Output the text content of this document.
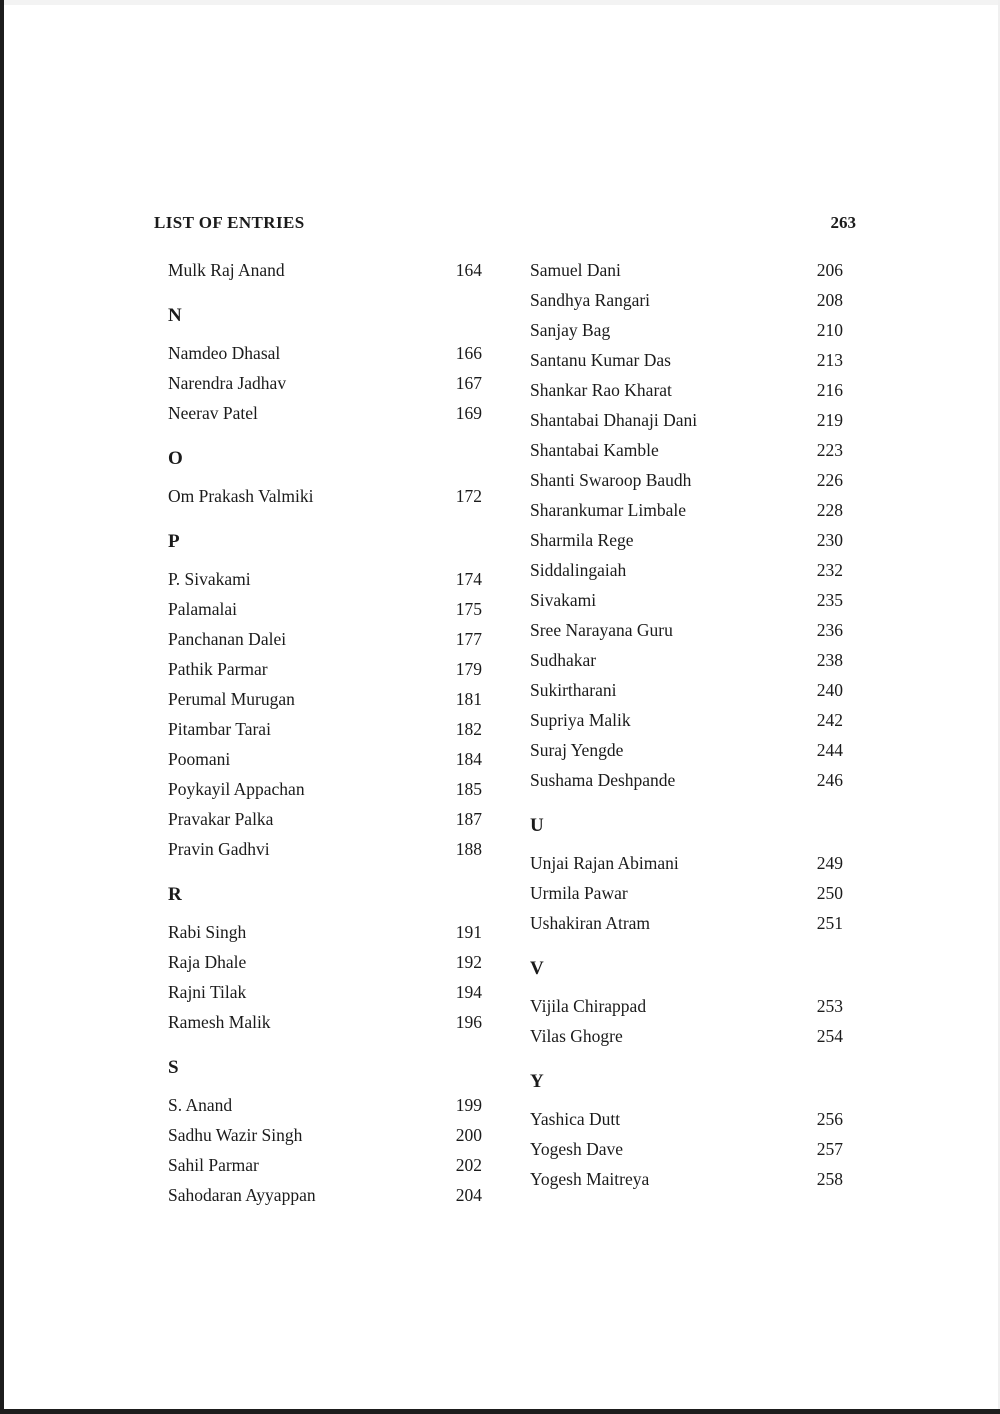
LIST OF ENTRIES	263
Mulk Raj Anand	164
N
Namdeo Dhasal	166
Narendra Jadhav	167
Neerav Patel	169
O
Om Prakash Valmiki	172
P
P. Sivakami	174
Palamalai	175
Panchanan Dalei	177
Pathik Parmar	179
Perumal Murugan	181
Pitambar Tarai	182
Poomani	184
Poykayil Appachan	185
Pravakar Palka	187
Pravin Gadhvi	188
R
Rabi Singh	191
Raja Dhale	192
Rajni Tilak	194
Ramesh Malik	196
S
S. Anand	199
Sadhu Wazir Singh	200
Sahil Parmar	202
Sahodaran Ayyappan	204
Samuel Dani	206
Sandhya Rangari	208
Sanjay Bag	210
Santanu Kumar Das	213
Shankar Rao Kharat	216
Shantabai Dhanaji Dani	219
Shantabai Kamble	223
Shanti Swaroop Baudh	226
Sharankumar Limbale	228
Sharmila Rege	230
Siddalingaiah	232
Sivakami	235
Sree Narayana Guru	236
Sudhakar	238
Sukirtharani	240
Supriya Malik	242
Suraj Yengde	244
Sushama Deshpande	246
U
Unjai Rajan Abimani	249
Urmila Pawar	250
Ushakiran Atram	251
V
Vijila Chirappad	253
Vilas Ghogre	254
Y
Yashica Dutt	256
Yogesh Dave	257
Yogesh Maitreya	258
